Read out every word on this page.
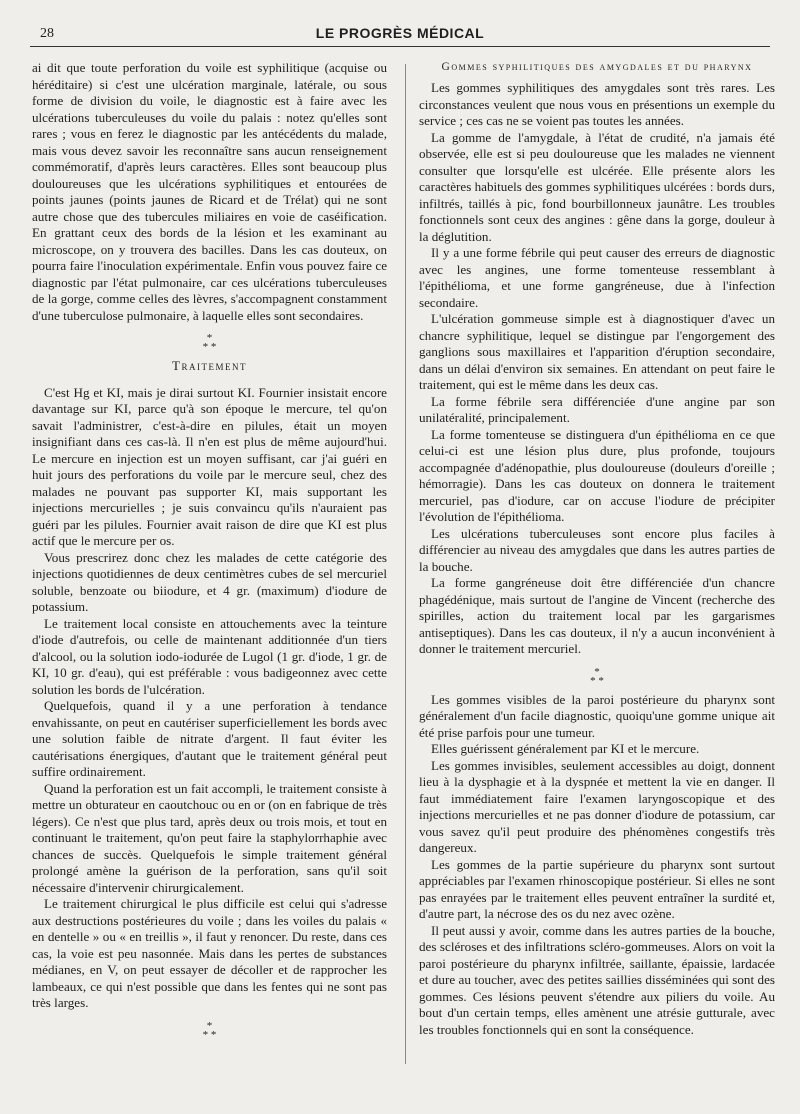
28	LE PROGRÈS MÉDICAL

ai dit que toute perforation du voile est syphilitique (acquise ou héréditaire) si c'est une ulcération marginale, latérale, ou sous forme de division du voile, le diagnostic est à faire avec les ulcérations tuberculeuses du voile du palais : notez qu'elles sont rares ; vous en ferez le diagnostic par les antécédents du malade, mais vous devez savoir les reconnaître sans aucun renseignement commémoratif, d'après leurs caractères. Elles sont beaucoup plus douloureuses que les ulcérations syphilitiques et entourées de points jaunes (points jaunes de Ricard et de Trélat) qui ne sont autre chose que des tubercules miliaires en voie de caséification. En grattant ceux des bords de la lésion et les examinant au microscope, on y trouvera des bacilles. Dans les cas douteux, on pourra faire l'inoculation expérimentale. Enfin vous pouvez faire ce diagnostic par l'état pulmonaire, car ces ulcérations tuberculeuses de la gorge, comme celles des lèvres, s'accompagnent constamment d'une tuberculose pulmonaire, à laquelle elles sont secondaires.

*
* *
Traitement

C'est Hg et KI, mais je dirai surtout KI. Fournier insistait encore davantage sur KI, parce qu'à son époque le mercure, tel qu'on savait l'administrer, c'est-à-dire en pilules, était un moyen insignifiant dans ces cas-là. Il n'en est plus de même aujourd'hui. Le mercure en injection est un moyen suffisant, car j'ai guéri en huit jours des perforations du voile par le mercure seul, chez des malades ne pouvant pas supporter KI, mais supportant les injections mercurielles ; je suis convaincu qu'ils n'auraient pas guéri par les pilules. Fournier avait raison de dire que KI est plus actif que le mercure per os.

Vous prescrirez donc chez les malades de cette catégorie des injections quotidiennes de deux centimètres cubes de sel mercuriel soluble, benzoate ou biiodure, et 4 gr. (maximum) d'iodure de potassium.

Le traitement local consiste en attouchements avec la teinture d'iode d'autrefois, ou celle de maintenant additionnée d'un tiers d'alcool, ou la solution iodo-iodurée de Lugol (1 gr. d'iode, 1 gr. de KI, 10 gr. d'eau), qui est préférable : vous badigeonnez avec cette solution les bords de l'ulcération.

Quelquefois, quand il y a une perforation à tendance envahissante, on peut en cautériser superficiellement les bords avec une solution faible de nitrate d'argent. Il faut éviter les cautérisations énergiques, d'autant que le traitement général peut suffire ordinairement.

Quand la perforation est un fait accompli, le traitement consiste à mettre un obturateur en caoutchouc ou en or (on en fabrique de très légers). Ce n'est que plus tard, après deux ou trois mois, et tout en continuant le traitement, qu'on peut faire la staphylorrhaphie avec chances de succès. Quelquefois le simple traitement général prolongé amène la guérison de la perforation, sans qu'il soit nécessaire d'intervenir chirurgicalement.

Le traitement chirurgical le plus difficile est celui qui s'adresse aux destructions postérieures du voile ; dans les voiles du palais « en dentelle » ou « en treillis », il faut y renoncer. Du reste, dans ces cas, la voie est peu nasonnée. Mais dans les pertes de substances médianes, en V, on peut essayer de décoller et de rapprocher les lambeaux, ce qui n'est possible que dans les fentes qui ne sont pas très larges.

*
* *
Gommes syphilitiques des amygdales et du pharynx

Les gommes syphilitiques des amygdales sont très rares. Les circonstances veulent que nous vous en présentions un exemple du service ; ces cas ne se voient pas toutes les années.

La gomme de l'amygdale, à l'état de crudité, n'a jamais été observée, elle est si peu douloureuse que les malades ne viennent consulter que lorsqu'elle est ulcérée. Elle présente alors les caractères habituels des gommes syphilitiques ulcérées : bords durs, infiltrés, taillés à pic, fond bourbillonneux jaunâtre. Les troubles fonctionnels sont ceux des angines : gêne dans la gorge, douleur à la déglutition.

Il y a une forme fébrile qui peut causer des erreurs de diagnostic avec les angines, une forme tomenteuse ressemblant à l'épithélioma, et une forme gangréneuse, due à l'infection secondaire.

L'ulcération gommeuse simple est à diagnostiquer d'avec un chancre syphilitique, lequel se distingue par l'engorgement des ganglions sous maxillaires et l'apparition d'éruption secondaire, dans un délai d'environ six semaines. En attendant on peut faire le traitement, qui est le même dans les deux cas.

La forme fébrile sera différenciée d'une angine par son unilatéralité, principalement.

La forme tomenteuse se distinguera d'un épithélioma en ce que celui-ci est une lésion plus dure, plus profonde, toujours accompagnée d'adénopathie, plus douloureuse (douleurs d'oreille ; hémorragie). Dans les cas douteux on donnera le traitement mercuriel, pas d'iodure, car on accuse l'iodure de précipiter l'évolution de l'épithélioma.

Les ulcérations tuberculeuses sont encore plus faciles à différencier au niveau des amygdales que dans les autres parties de la bouche.

La forme gangréneuse doit être différenciée d'un chancre phagédénique, mais surtout de l'angine de Vincent (recherche des spirilles, action du traitement local par les gargarismes antiseptiques). Dans les cas douteux, il n'y a aucun inconvénient à donner le traitement mercuriel.

*
* *

Les gommes visibles de la paroi postérieure du pharynx sont généralement d'un facile diagnostic, quoiqu'une gomme unique ait été prise parfois pour une tumeur.

Elles guérissent généralement par KI et le mercure.

Les gommes invisibles, seulement accessibles au doigt, donnent lieu à la dysphagie et à la dyspnée et mettent la vie en danger. Il faut immédiatement faire l'examen laryngoscopique et des injections mercurielles et ne pas donner d'iodure de potassium, car vous savez qu'il peut produire des phénomènes congestifs très dangereux.

Les gommes de la partie supérieure du pharynx sont surtout appréciables par l'examen rhinoscopique postérieur. Si elles ne sont pas enrayées par le traitement elles peuvent entraîner la surdité et, d'autre part, la nécrose des os du nez avec ozène.

Il peut aussi y avoir, comme dans les autres parties de la bouche, des scléroses et des infiltrations scléro-gommeuses. Alors on voit la paroi postérieure du pharynx infiltrée, saillante, épaissie, lardacée et dure au toucher, avec des petites saillies disséminées qui sont des gommes. Ces lésions peuvent s'étendre aux piliers du voile. Au bout d'un certain temps, elles amènent une atrésie gutturale, avec les troubles fonctionnels qui en sont la conséquence.
